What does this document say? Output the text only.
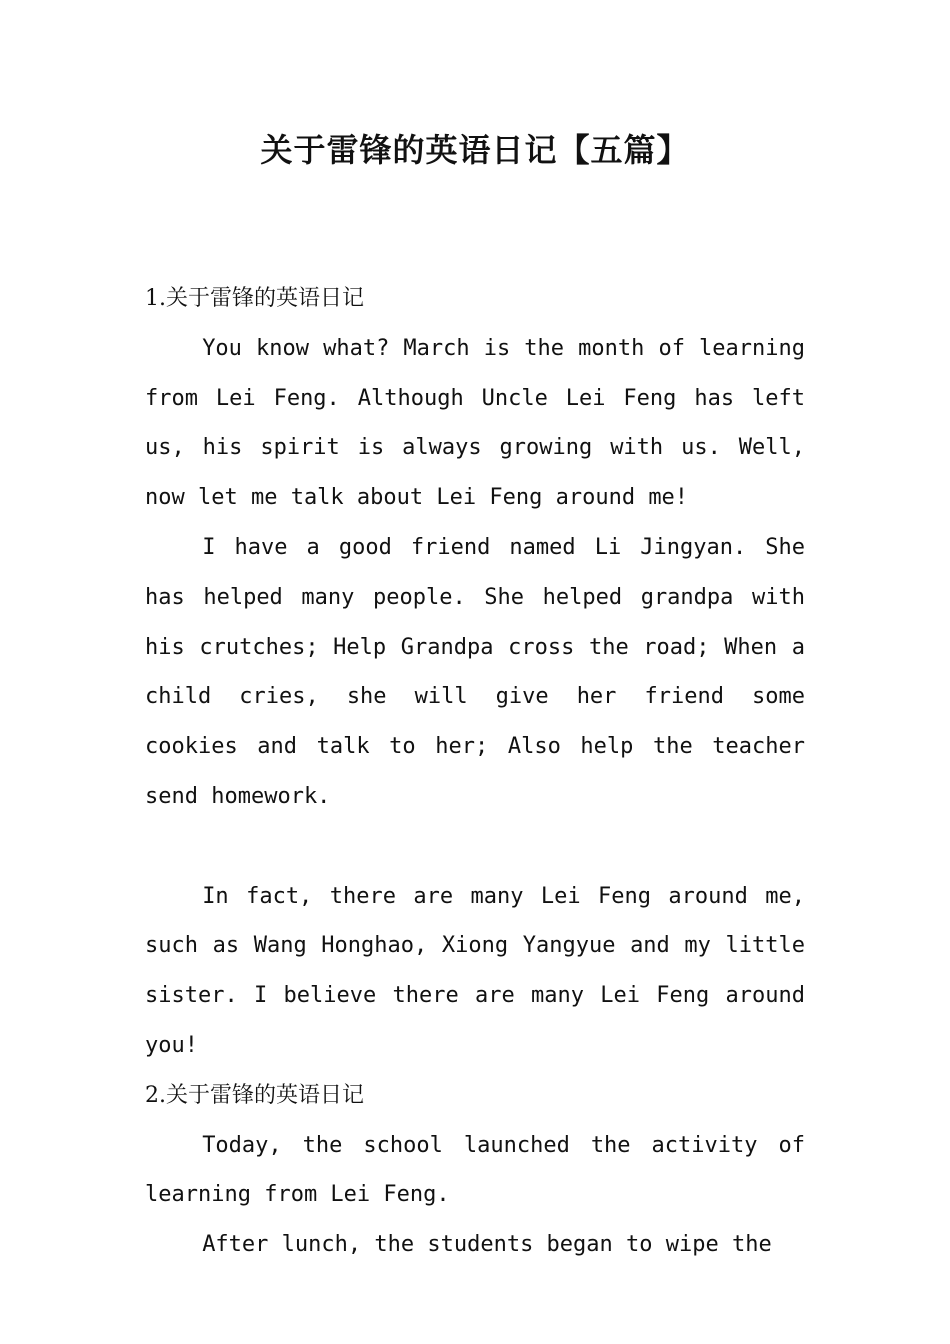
关于雷锋的英语日记【五篇】
1.关于雷锋的英语日记

You know what? March is the month of learning from Lei Feng. Although Uncle Lei Feng has left us, his spirit is always growing with us. Well, now let me talk about Lei Feng around me!

I have a good friend named Li Jingyan. She has helped many people. She helped grandpa with his crutches; Help Grandpa cross the road; When a child cries, she will give her friend some cookies and talk to her; Also help the teacher send homework.

In fact, there are many Lei Feng around me, such as Wang Honghao, Xiong Yangyue and my little sister. I believe there are many Lei Feng around you!

2.关于雷锋的英语日记

Today, the school launched the activity of learning from Lei Feng.

After lunch, the students began to wipe the
